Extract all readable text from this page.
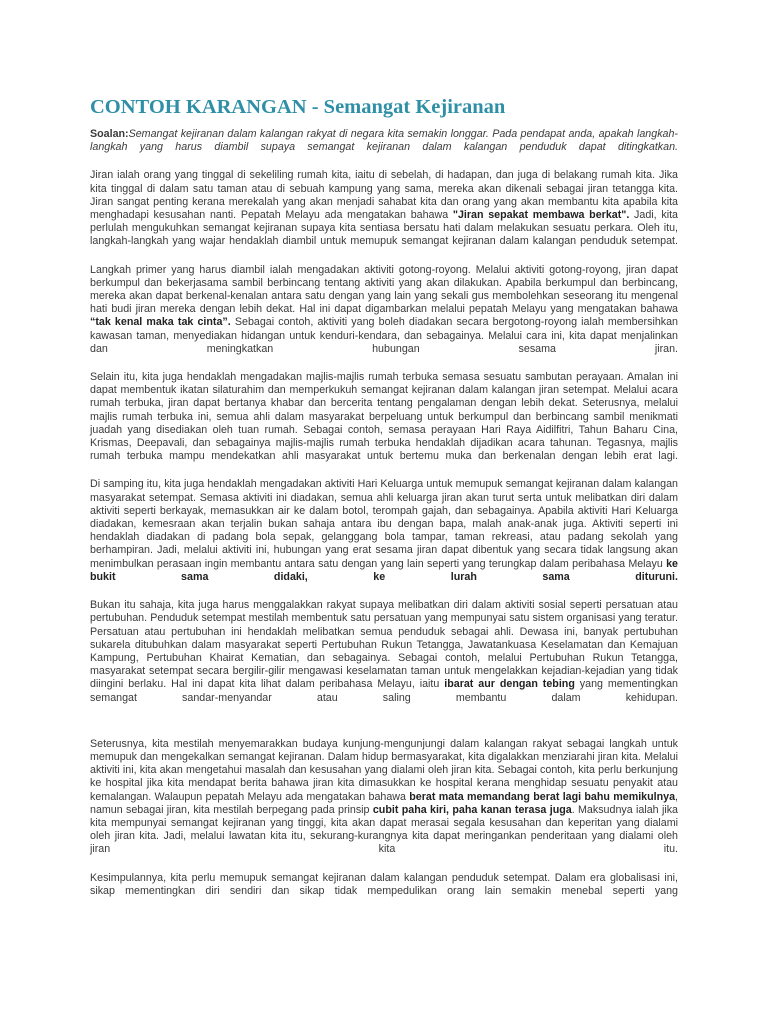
CONTOH KARANGAN - Semangat Kejiranan

Soalan:Semangat kejiranan dalam kalangan rakyat di negara kita semakin longgar. Pada pendapat anda, apakah langkah-langkah yang harus diambil supaya semangat kejiranan dalam kalangan penduduk dapat ditingkatkan.

Jiran ialah orang yang tinggal di sekeliling rumah kita, iaitu di sebelah, di hadapan, dan juga di belakang rumah kita. Jika kita tinggal di dalam satu taman atau di sebuah kampung yang sama, mereka akan dikenali sebagai jiran tetangga kita. Jiran sangat penting kerana merekalah yang akan menjadi sahabat kita dan orang yang akan membantu kita apabila kita menghadapi kesusahan nanti. Pepatah Melayu ada mengatakan bahawa "Jiran sepakat membawa berkat". Jadi, kita perlulah mengukuhkan semangat kejiranan supaya kita sentiasa bersatu hati dalam melakukan sesuatu perkara. Oleh itu, langkah-langkah yang wajar hendaklah diambil untuk memupuk semangat kejiranan dalam kalangan penduduk setempat.

Langkah primer yang harus diambil ialah mengadakan aktiviti gotong-royong. Melalui aktiviti gotong-royong, jiran dapat berkumpul dan bekerjasama sambil berbincang tentang aktiviti yang akan dilakukan. Apabila berkumpul dan berbincang, mereka akan dapat berkenal-kenalan antara satu dengan yang lain yang sekali gus membolehkan seseorang itu mengenal hati budi jiran mereka dengan lebih dekat. Hal ini dapat digambarkan melalui pepatah Melayu yang mengatakan bahawa “tak kenal maka tak cinta”. Sebagai contoh, aktiviti yang boleh diadakan secara bergotong-royong ialah membersihkan kawasan taman, menyediakan hidangan untuk kenduri-kendara, dan sebagainya. Melalui cara ini, kita dapat menjalinkan dan meningkatkan hubungan sesama jiran.

Selain itu, kita juga hendaklah mengadakan majlis-majlis rumah terbuka semasa sesuatu sambutan perayaan. Amalan ini dapat membentuk ikatan silaturahim dan memperkukuh semangat kejiranan dalam kalangan jiran setempat. Melalui acara rumah terbuka, jiran dapat bertanya khabar dan bercerita tentang pengalaman dengan lebih dekat. Seterusnya, melalui majlis rumah terbuka ini, semua ahli dalam masyarakat berpeluang untuk berkumpul dan berbincang sambil menikmati juadah yang disediakan oleh tuan rumah. Sebagai contoh, semasa perayaan Hari Raya Aidilfitri, Tahun Baharu Cina, Krismas, Deepavali, dan sebagainya majlis-majlis rumah terbuka hendaklah dijadikan acara tahunan. Tegasnya, majlis rumah terbuka mampu mendekatkan ahli masyarakat untuk bertemu muka dan berkenalan dengan lebih erat lagi.

Di samping itu, kita juga hendaklah mengadakan aktiviti Hari Keluarga untuk memupuk semangat kejiranan dalam kalangan masyarakat setempat. Semasa aktiviti ini diadakan, semua ahli keluarga jiran akan turut serta untuk melibatkan diri dalam aktiviti seperti berkayak, memasukkan air ke dalam botol, terompah gajah, dan sebagainya. Apabila aktiviti Hari Keluarga diadakan, kemesraan akan terjalin bukan sahaja antara ibu dengan bapa, malah anak-anak juga. Aktiviti seperti ini hendaklah diadakan di padang bola sepak, gelanggang bola tampar, taman rekreasi, atau padang sekolah yang berhampiran. Jadi, melalui aktiviti ini, hubungan yang erat sesama jiran dapat dibentuk yang secara tidak langsung akan menimbulkan perasaan ingin membantu antara satu dengan yang lain seperti yang terungkap dalam peribahasa Melayu ke bukit sama didaki, ke lurah sama dituruni.

Bukan itu sahaja, kita juga harus menggalakkan rakyat supaya melibatkan diri dalam aktiviti sosial seperti persatuan atau pertubuhan. Penduduk setempat mestilah membentuk satu persatuan yang mempunyai satu sistem organisasi yang teratur. Persatuan atau pertubuhan ini hendaklah melibatkan semua penduduk sebagai ahli. Dewasa ini, banyak pertubuhan sukarela ditubuhkan dalam masyarakat seperti Pertubuhan Rukun Tetangga, Jawatankuasa Keselamatan dan Kemajuan Kampung, Pertubuhan Khairat Kematian, dan sebagainya. Sebagai contoh, melalui Pertubuhan Rukun Tetangga, masyarakat setempat secara bergilir-gilir mengawasi keselamatan taman untuk mengelakkan kejadian-kejadian yang tidak diingini berlaku. Hal ini dapat kita lihat dalam peribahasa Melayu, iaitu ibarat aur dengan tebing yang mementingkan semangat sandar-menyandar atau saling membantu dalam kehidupan.

Seterusnya, kita mestilah menyemarakkan budaya kunjung-mengunjungi dalam kalangan rakyat sebagai langkah untuk memupuk dan mengekalkan semangat kejiranan. Dalam hidup bermasyarakat, kita digalakkan menziarahi jiran kita. Melalui aktiviti ini, kita akan mengetahui masalah dan kesusahan yang dialami oleh jiran kita. Sebagai contoh, kita perlu berkunjung ke hospital jika kita mendapat berita bahawa jiran kita dimasukkan ke hospital kerana menghidap sesuatu penyakit atau kemalangan. Walaupun pepatah Melayu ada mengatakan bahawa berat mata memandang berat lagi bahu memikulnya, namun sebagai jiran, kita mestilah berpegang pada prinsip cubit paha kiri, paha kanan terasa juga. Maksudnya ialah jika kita mempunyai semangat kejiranan yang tinggi, kita akan dapat merasai segala kesusahan dan keperitan yang dialami oleh jiran kita. Jadi, melalui lawatan kita itu, sekurang-kurangnya kita dapat meringankan penderitaan yang dialami oleh jiran kita itu.

Kesimpulannya, kita perlu memupuk semangat kejiranan dalam kalangan penduduk setempat. Dalam era globalisasi ini, sikap mementingkan diri sendiri dan sikap tidak mempedulikan orang lain semakin menebal seperti yang
